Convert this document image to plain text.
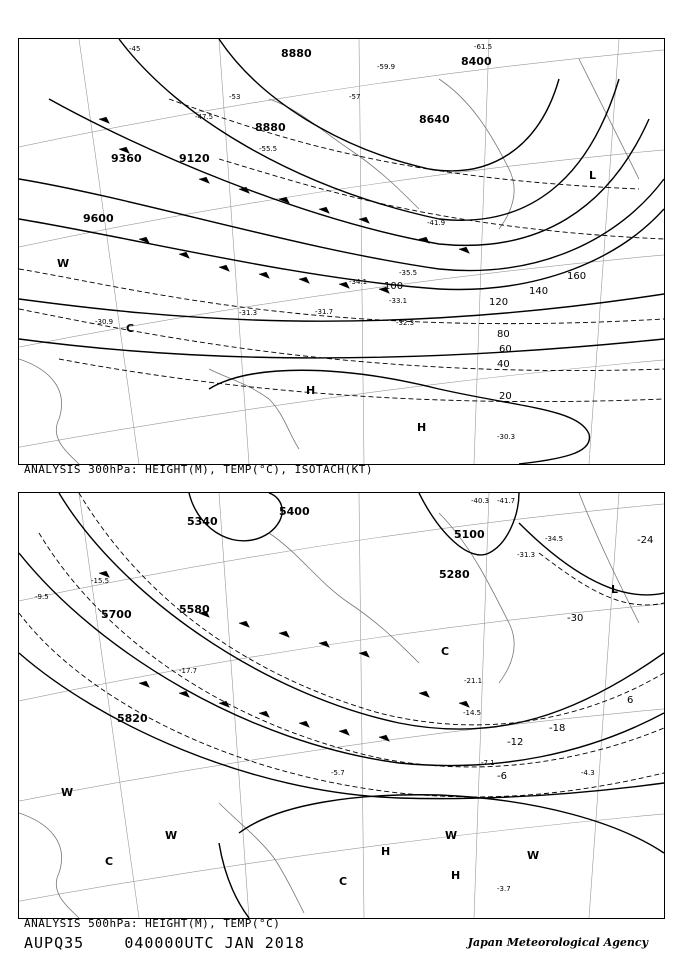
8880
8400
8640
8880
9120
9360
9600
20
40
60
80
100
120
140
160
H
H
L
C
W
-45
-47.5
-53
-55.5
-57
-61.5
-59.9
-41.9
-35.5
-33.1
-32.3
-30.3
-30.9
-31.3	-31.7
-34.1
ANALYSIS 300hPa: HEIGHT(M), TEMP(°C), ISOTACH(KT)
5400
5340
5100
5700	5580
5820
5280
-24
-30
-18
-12
-6
6
H
H
L
C
C
C
W
W	W
W
-40.3 -41.7
-34.5
-31.3
-17.7
-21.1
-14.5
-7.1
-3.7
-5.7	-4.3
-9.5
-15.5
ANALYSIS 500hPa: HEIGHT(M), TEMP(°C)
AUPQ35	040000UTC JAN 2018	Japan Meteorological Agency
